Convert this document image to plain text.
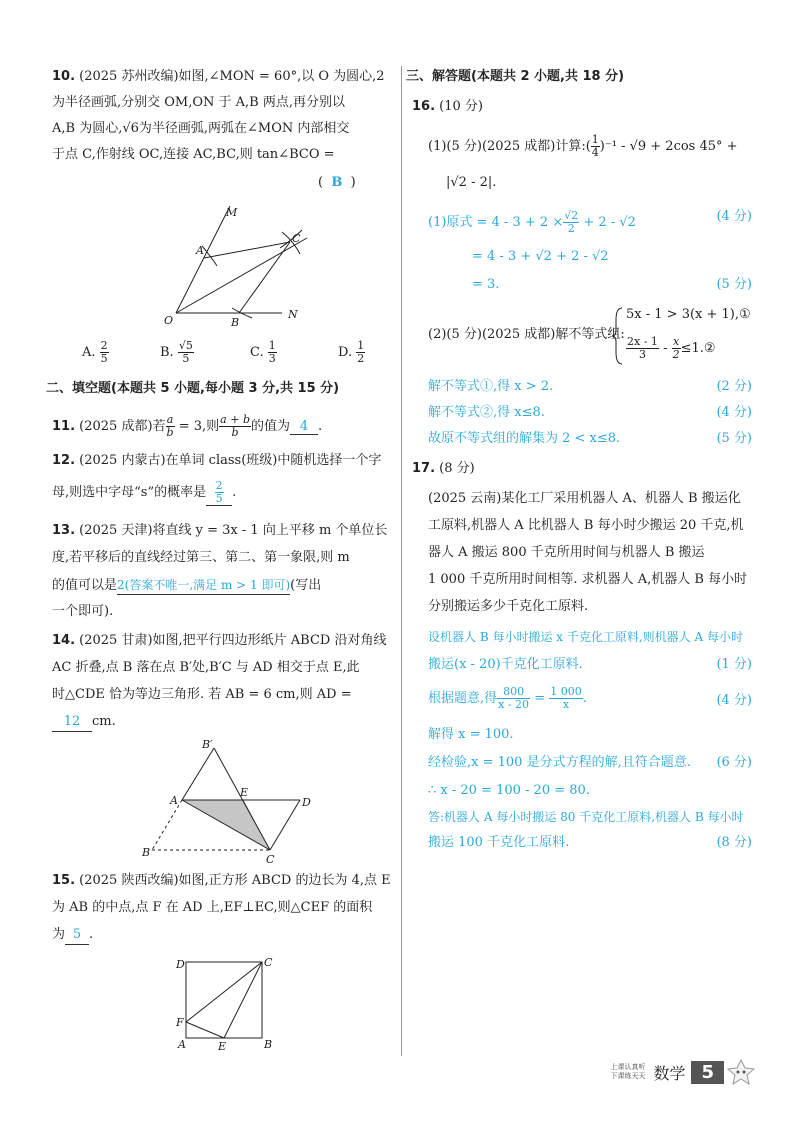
10. (2025 苏州改编)如图,∠MON = 60°,以 O 为圆心,2
为半径画弧,分别交 OM,ON 于 A,B 两点,再分别以
A,B 为圆心,√6为半径画弧,两弧在∠MON 内部相交
于点 C,作射线 OC,连接 AC,BC,则 tan∠BCO =
( B )
M
A
C
O	B
N
A. $\frac{2}{5}$	B. $\frac{√5}{5}$	C. $\frac{1}{3}$	D. $\frac{1}{2}$
二、填空题(本题共 5 小题,每小题 3 分,共 15 分)
11. (2025 成都)若 $\frac{a}{b} = 3$,则 $\frac{a + b}{b}$ 的值为 4 .
12. (2025 内蒙古)在单词 class(班级)中随机选择一个字
母,则选中字母“s”的概率是 $\frac{2}{5}$ .
13. (2025 天津)将直线 y = 3x - 1 向上平移 m 个单位长
度,若平移后的直线经过第三、第二、第一象限,则 m
的值可以是2(答案不唯一,满足 m > 1 即可)(写出
一个即可).
14. (2025 甘肃)如图,把平行四边形纸片 ABCD 沿对角线
AC 折叠,点 B 落在点 B′处,B′C 与 AD 相交于点 E,此
时△CDE 恰为等边三角形. 若 AB = 6 cm,则 AD =
12 cm.
B′
A
E
D
B
C
15. (2025 陕西改编)如图,正方形 ABCD 的边长为 4,点 E
为 AB 的中点,点 F 在 AD 上,EF⊥EC,则△CEF 的面积
为 5 .
D	C
F
A	E	B
三、解答题(本题共 2 小题,共 18 分)
16. (10 分)
(1)(5 分)(2025 成都)计算:( $\frac{1}{4} )^{-1} - √9 + 2\cos$ 45° +
|√2 - 2|.
(1)原式 = $4 - 3 + 2 \times \frac{√2}{2} + 2 - √2$	(4 分)
= 4 - 3 + √2 + 2 - √2
= 3.	(5 分)
(2)(5 分)(2025 成都)解不等式组:
5x - 1 > 3(x + 1),①
$\frac{2x - 1}{3} - \frac{x}{2}$ ≤1.②
解不等式①,得 x > 2.	(2 分)
解不等式②,得 x≤8.	(4 分)
故原不等式组的解集为 2 < x≤8.	(5 分)
17. (8 分)
(2025 云南)某化工厂采用机器人 A、机器人 B 搬运化
工原料,机器人 A 比机器人 B 每小时少搬运 20 千克,机
器人 A 搬运 800 千克所用时间与机器人 B 搬运
1 000 千克所用时间相等. 求机器人 A,机器人 B 每小时
分别搬运多少千克化工原料.
设机器人 B 每小时搬运 x 千克化工原料,则机器人 A 每小时
搬运(x - 20)千克化工原料.	(1 分)
根据题意,得 $\frac{800}{x - 20} = \frac{1 000}{x}$ .	(4 分)
解得 x = 100.
经检验,x = 100 是分式方程的解,且符合题意. (6 分)
∴ x - 20 = 100 - 20 = 80.
答:机器人 A 每小时搬运 80 千克化工原料,机器人 B 每小时
搬运 100 千克化工原料.	(8 分)
上课认真听
下课练天天 数学 5
